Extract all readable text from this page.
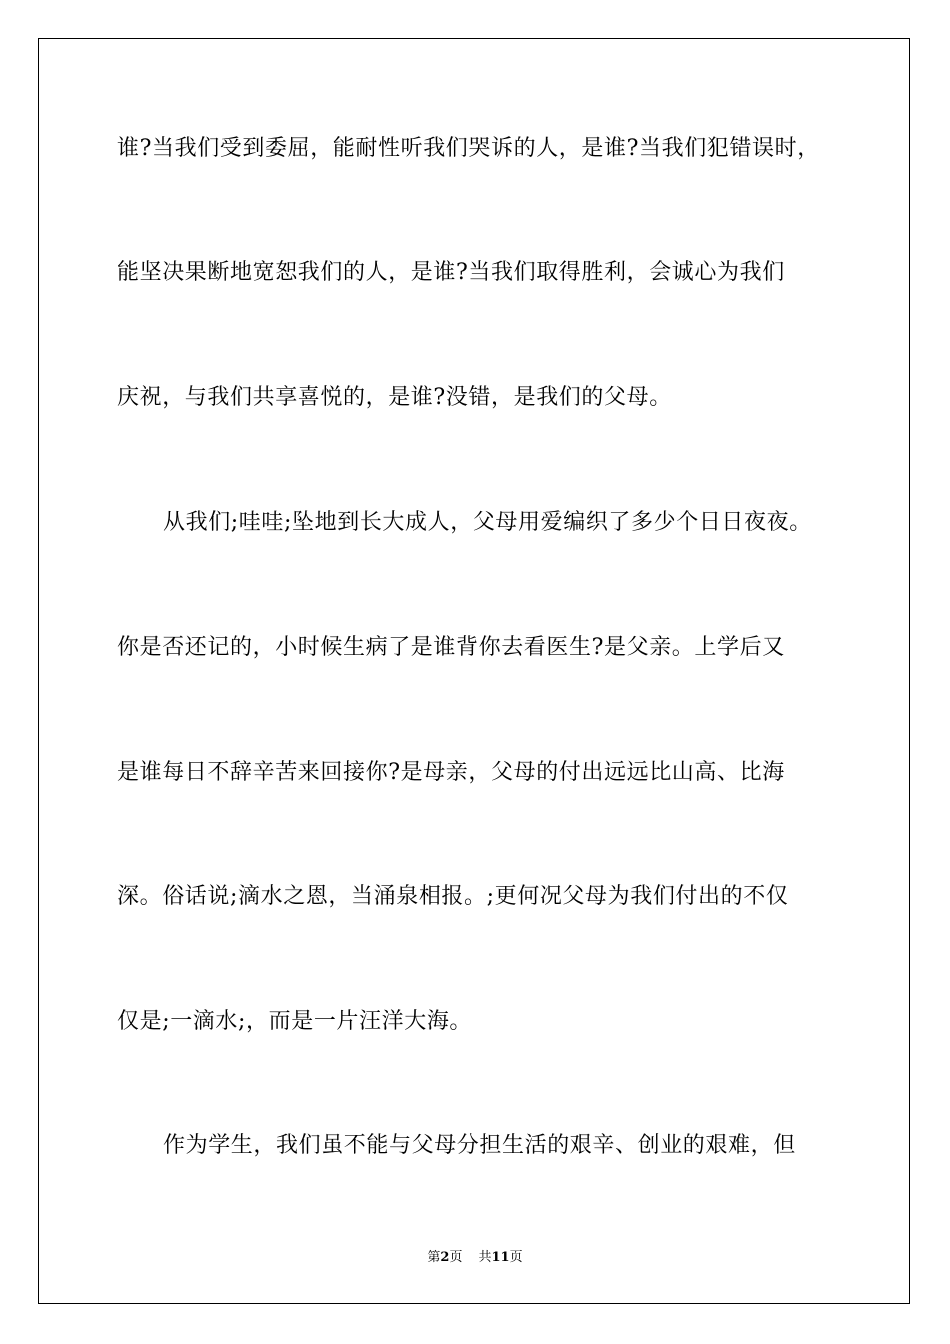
谁?当我们受到委屈，能耐性听我们哭诉的人，是谁?当我们犯错误时，
能坚决果断地宽恕我们的人，是谁?当我们取得胜利，会诚心为我们
庆祝，与我们共享喜悦的，是谁?没错，是我们的父母。
从我们;哇哇;坠地到长大成人，父母用爱编织了多少个日日夜夜。
你是否还记的，小时候生病了是谁背你去看医生?是父亲。上学后又
是谁每日不辞辛苦来回接你?是母亲，父母的付出远远比山高、比海
深。俗话说;滴水之恩，当涌泉相报。;更何况父母为我们付出的不仅
仅是;一滴水;，而是一片汪洋大海。
作为学生，我们虽不能与父母分担生活的艰辛、创业的艰难，但
第2页 共11页
